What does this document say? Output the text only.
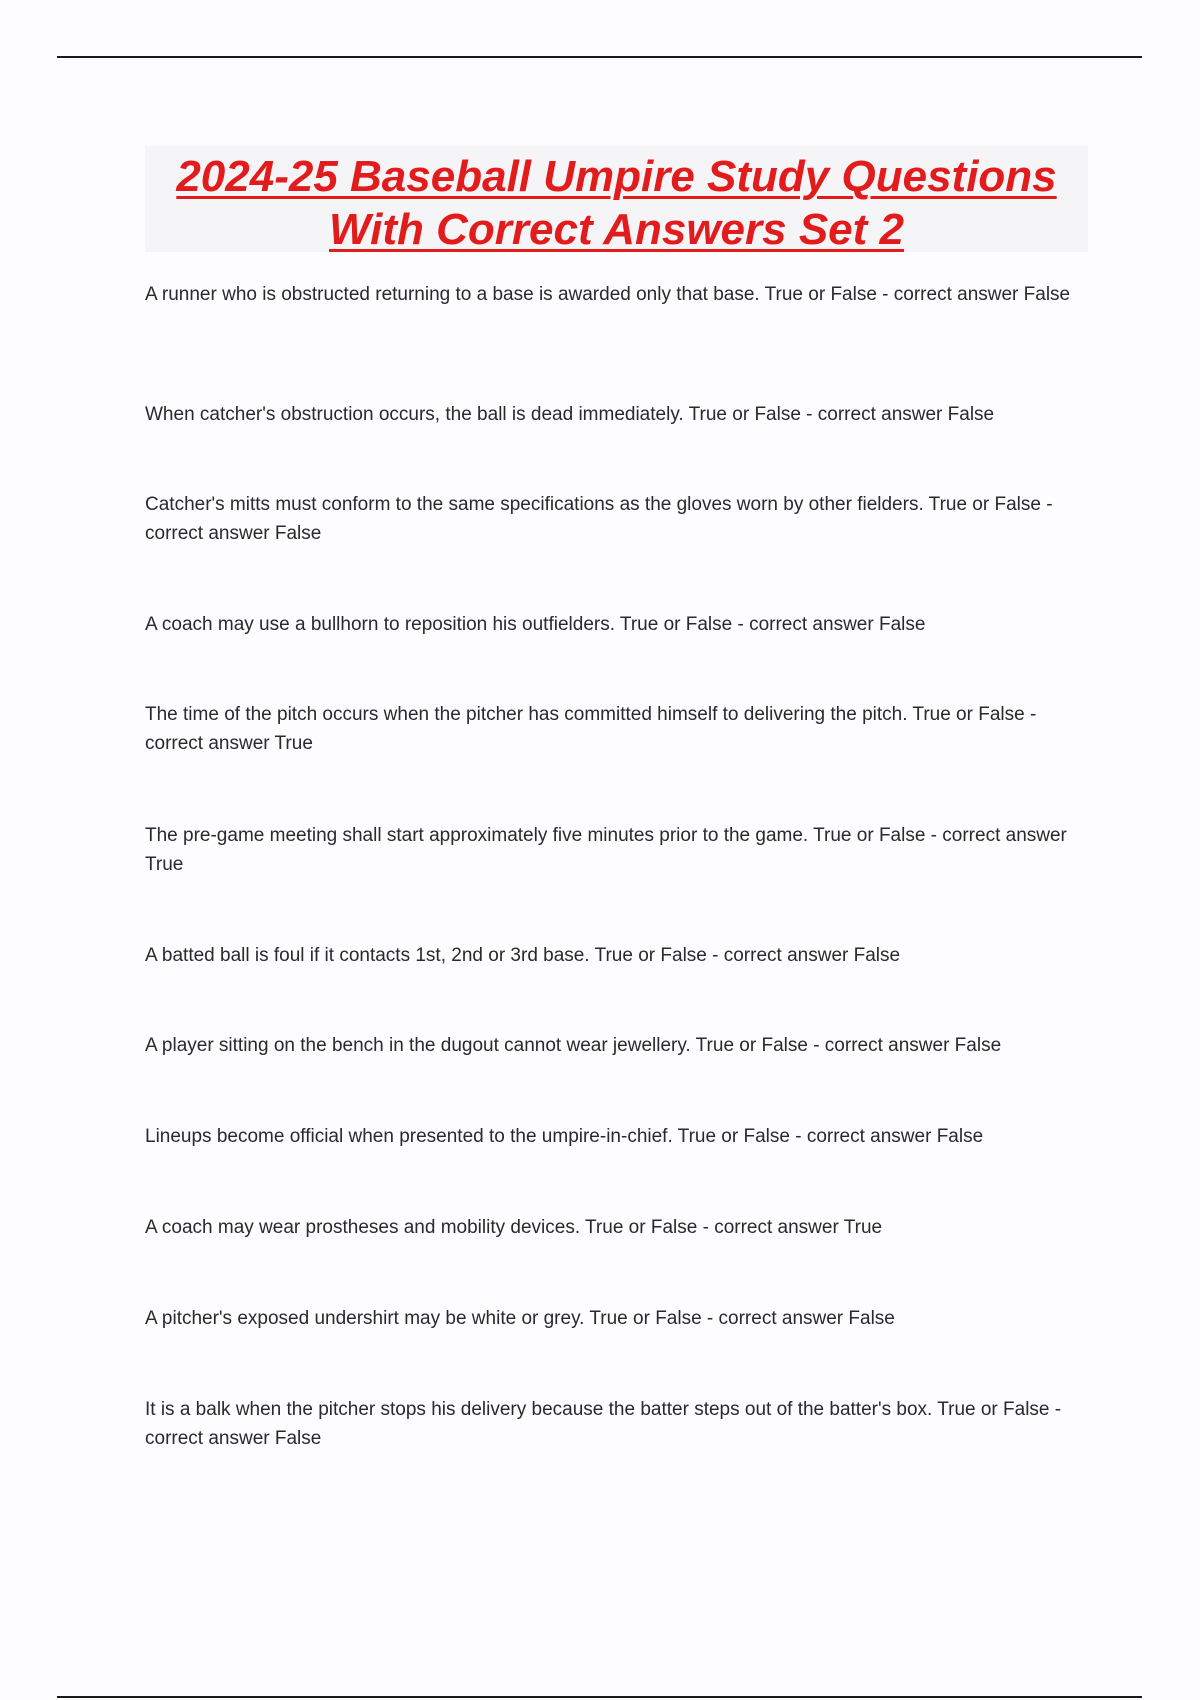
2024-25 Baseball Umpire Study Questions
With Correct Answers Set 2

A runner who is obstructed returning to a base is awarded only that base. True or False - correct answer False

When catcher's obstruction occurs, the ball is dead immediately. True or False - correct answer False

Catcher's mitts must conform to the same specifications as the gloves worn by other fielders. True or False - correct answer False

A coach may use a bullhorn to reposition his outfielders. True or False - correct answer False

The time of the pitch occurs when the pitcher has committed himself to delivering the pitch. True or False - correct answer True

The pre-game meeting shall start approximately five minutes prior to the game. True or False - correct answer True

A batted ball is foul if it contacts 1st, 2nd or 3rd base. True or False - correct answer False

A player sitting on the bench in the dugout cannot wear jewellery. True or False - correct answer False

Lineups become official when presented to the umpire-in-chief. True or False - correct answer False

A coach may wear prostheses and mobility devices. True or False - correct answer True

A pitcher's exposed undershirt may be white or grey. True or False - correct answer False

It is a balk when the pitcher stops his delivery because the batter steps out of the batter's box. True or False - correct answer False
